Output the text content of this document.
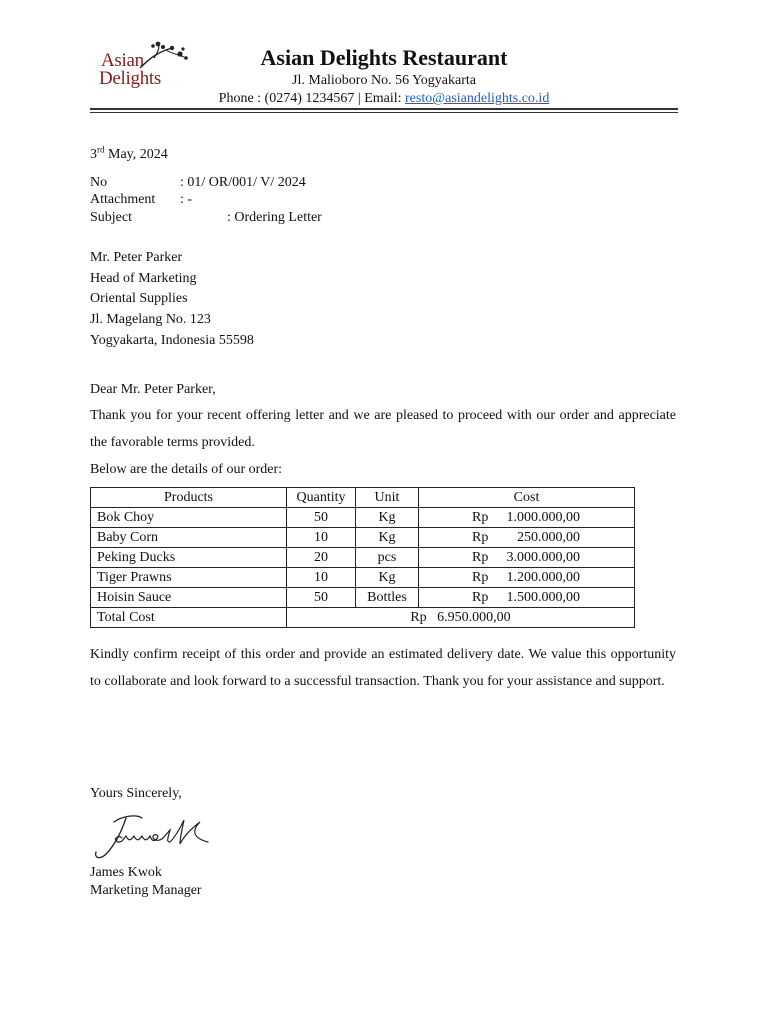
Asian
Delights
Asian Delights Restaurant
Jl. Malioboro No. 56 Yogyakarta
Phone : (0274) 1234567 | Email: resto@asiandelights.co.id
3rd May, 2024
No	: 01/ OR/001/ V/ 2024
Attachment : -
Subject	: Ordering Letter
Mr. Peter Parker
Head of Marketing
Oriental Supplies
Jl. Magelang No. 123
Yogyakarta, Indonesia 55598
Dear Mr. Peter Parker,
Thank you for your recent offering letter and we are pleased to proceed with our order and appreciate the favorable terms provided.
Below are the details of our order:
Products	Quantity	Unit	Cost
Bok Choy	50	Kg	Rp 1.000.000,00
Baby Corn	10	Kg	Rp 250.000,00
Peking Ducks	20	pcs	Rp 3.000.000,00
Tiger Prawns	10	Kg	Rp 1.200.000,00
Hoisin Sauce	50	Bottles	Rp 1.500.000,00
Total Cost	Rp 6.950.000,00		
Kindly confirm receipt of this order and provide an estimated delivery date. We value this opportunity to collaborate and look forward to a successful transaction. Thank you for your assistance and support.
Yours Sincerely,
James Kwok
Marketing Manager
